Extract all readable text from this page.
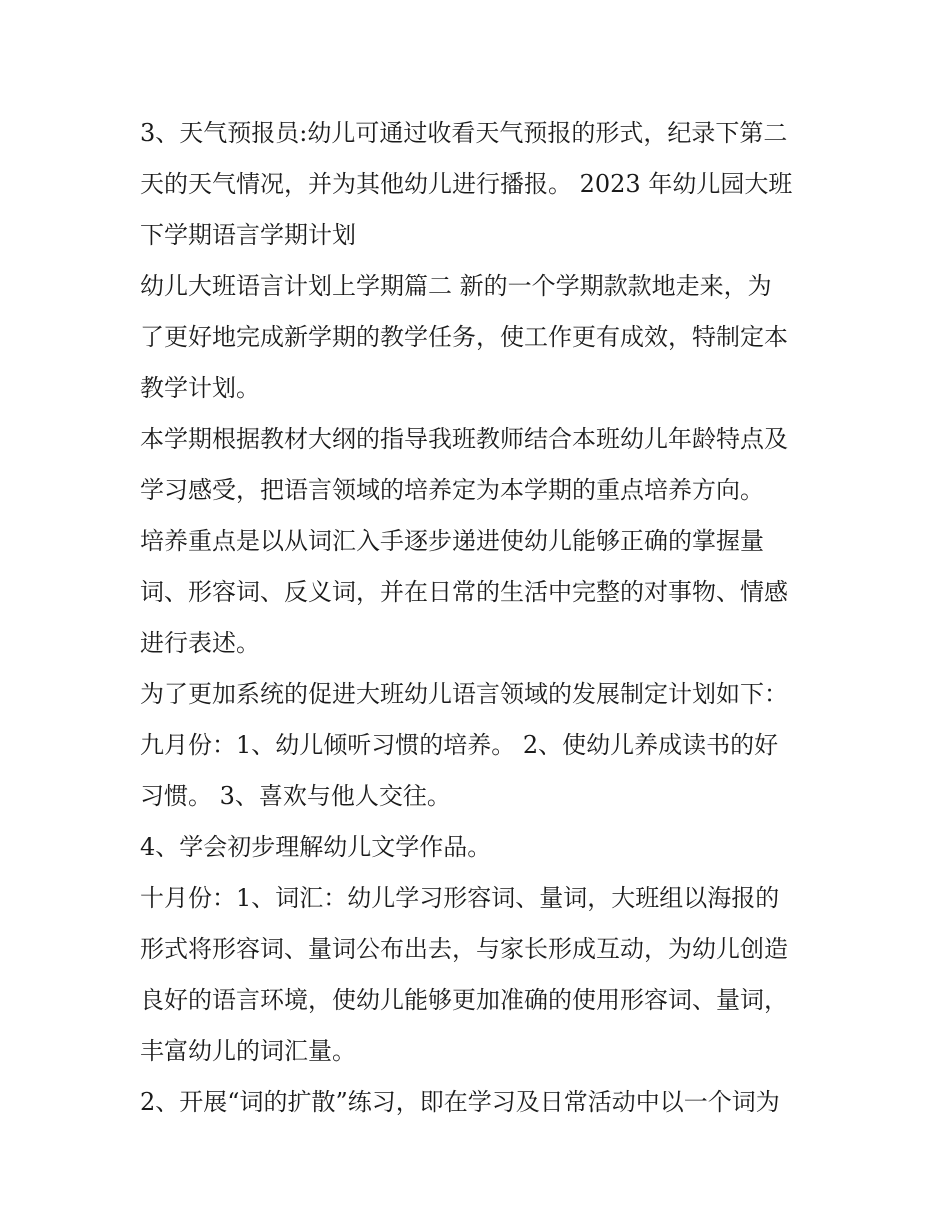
3、天气预报员:幼儿可通过收看天气预报的形式，纪录下第二
天的天气情况，并为其他幼儿进行播报。 2023 年幼儿园大班
下学期语言学期计划

幼儿大班语言计划上学期篇二 新的一个学期款款地走来，为
了更好地完成新学期的教学任务，使工作更有成效，特制定本
教学计划。

本学期根据教材大纲的指导我班教师结合本班幼儿年龄特点及
学习感受，把语言领域的培养定为本学期的重点培养方向。

培养重点是以从词汇入手逐步递进使幼儿能够正确的掌握量
词、形容词、反义词，并在日常的生活中完整的对事物、情感
进行表述。

为了更加系统的促进大班幼儿语言领域的发展制定计划如下：

九月份：1、幼儿倾听习惯的培养。 2、使幼儿养成读书的好
习惯。 3、喜欢与他人交往。

4、学会初步理解幼儿文学作品。

十月份：1、词汇：幼儿学习形容词、量词，大班组以海报的
形式将形容词、量词公布出去，与家长形成互动，为幼儿创造
良好的语言环境，使幼儿能够更加准确的使用形容词、量词，
丰富幼儿的词汇量。

2、开展“词的扩散”练习，即在学习及日常活动中以一个词为
